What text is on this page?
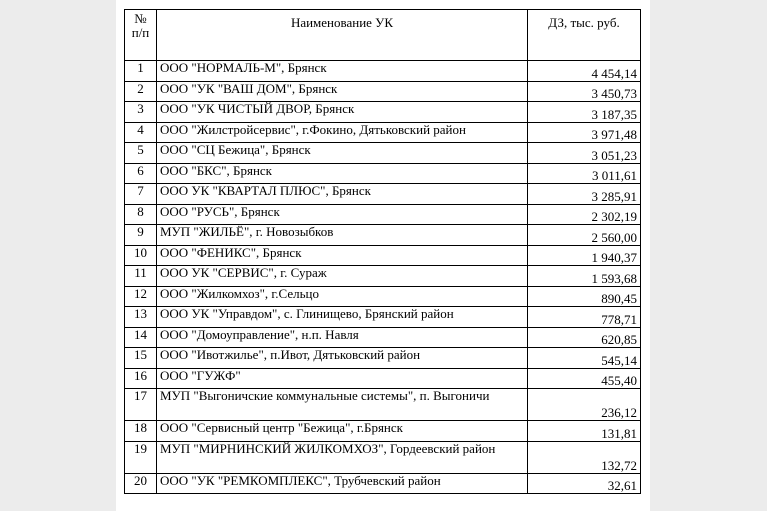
№ п/п	Наименование УК	ДЗ, тыс. руб.
1	ООО "НОРМАЛЬ-М", Брянск	4 454,14
2	ООО "УК "ВАШ ДОМ", Брянск	3 450,73
3	ООО "УК ЧИСТЫЙ ДВОР, Брянск	3 187,35
4	ООО "Жилстройсервис", г.Фокино, Дятьковский район	3 971,48
5	ООО "СЦ Бежица", Брянск	3 051,23
6	ООО "БКС", Брянск	3 011,61
7	ООО УК "КВАРТАЛ ПЛЮС", Брянск	3 285,91
8	ООО "РУСЬ", Брянск	2 302,19
9	МУП "ЖИЛЬЁ", г. Новозыбков	2 560,00
10	ООО "ФЕНИКС", Брянск	1 940,37
11	ООО УК "СЕРВИС", г. Сураж	1 593,68
12	ООО "Жилкомхоз", г.Сельцо	890,45
13	ООО УК "Управдом", с. Глинищево, Брянский район	778,71
14	ООО "Домоуправление", н.п. Навля	620,85
15	ООО "Ивотжилье", п.Ивот, Дятьковский район	545,14
16	ООО "ГУЖФ"	455,40
17	МУП "Выгоничские коммунальные системы", п. Выгоничи	236,12
18	ООО "Сервисный центр "Бежица", г.Брянск	131,81
19	МУП "МИРНИНСКИЙ ЖИЛКОМХОЗ", Гордеевский район	132,72
20	ООО "УК "РЕМКОМПЛЕКС", Трубчевский район	32,61
